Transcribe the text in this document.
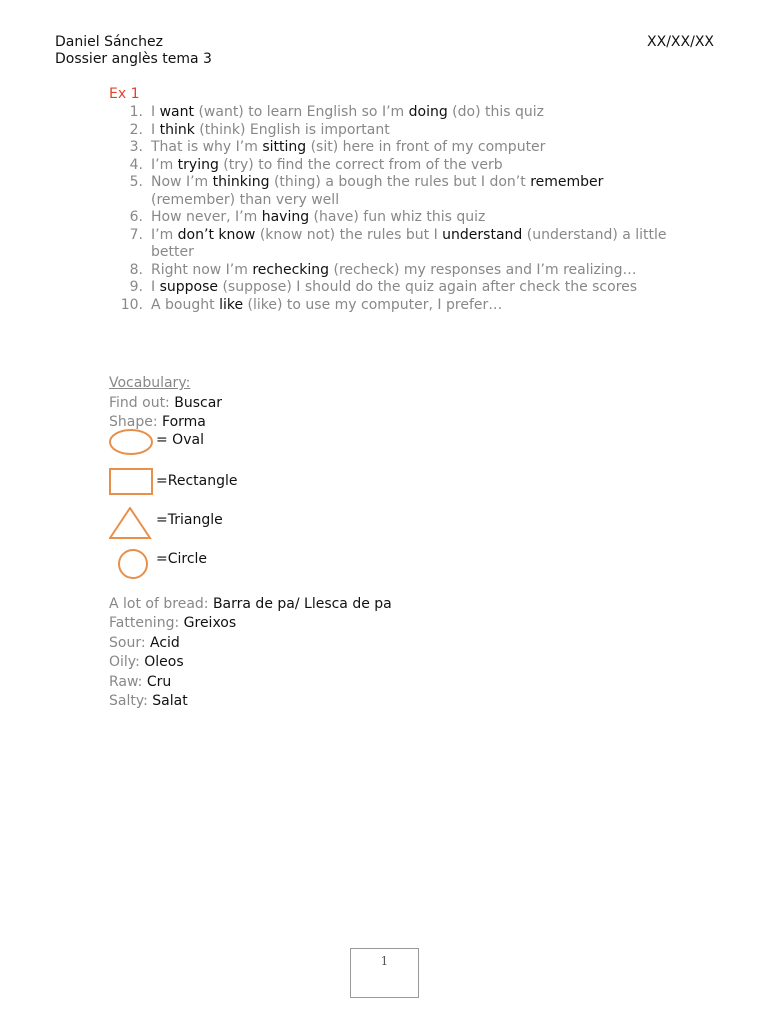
Daniel Sánchez
Dossier anglès tema 3
XX/XX/XX
Ex 1
1. I want (want) to learn English so I’m doing (do) this quiz
2. I think (think) English is important
3. That is why I’m sitting (sit) here in front of my computer
4. I’m trying (try) to find the correct from of the verb
5. Now I’m thinking (thing) a bough the rules but I don’t remember (remember) than very well
6. How never, I’m having (have) fun whiz this quiz
7. I’m don’t know (know not) the rules but I understand (understand) a little better
8. Right now I’m rechecking (recheck) my responses and I’m realizing…
9. I suppose (suppose) I should do the quiz again after check the scores
10. A bought like (like) to use my computer, I prefer…
Vocabulary:
Find out: Buscar
Shape: Forma
= Oval
=Rectangle
=Triangle
=Circle
A lot of bread: Barra de pa/ Llesca de pa
Fattening: Greixos
Sour: Acid
Oily: Oleos
Raw: Cru
Salty: Salat
1
